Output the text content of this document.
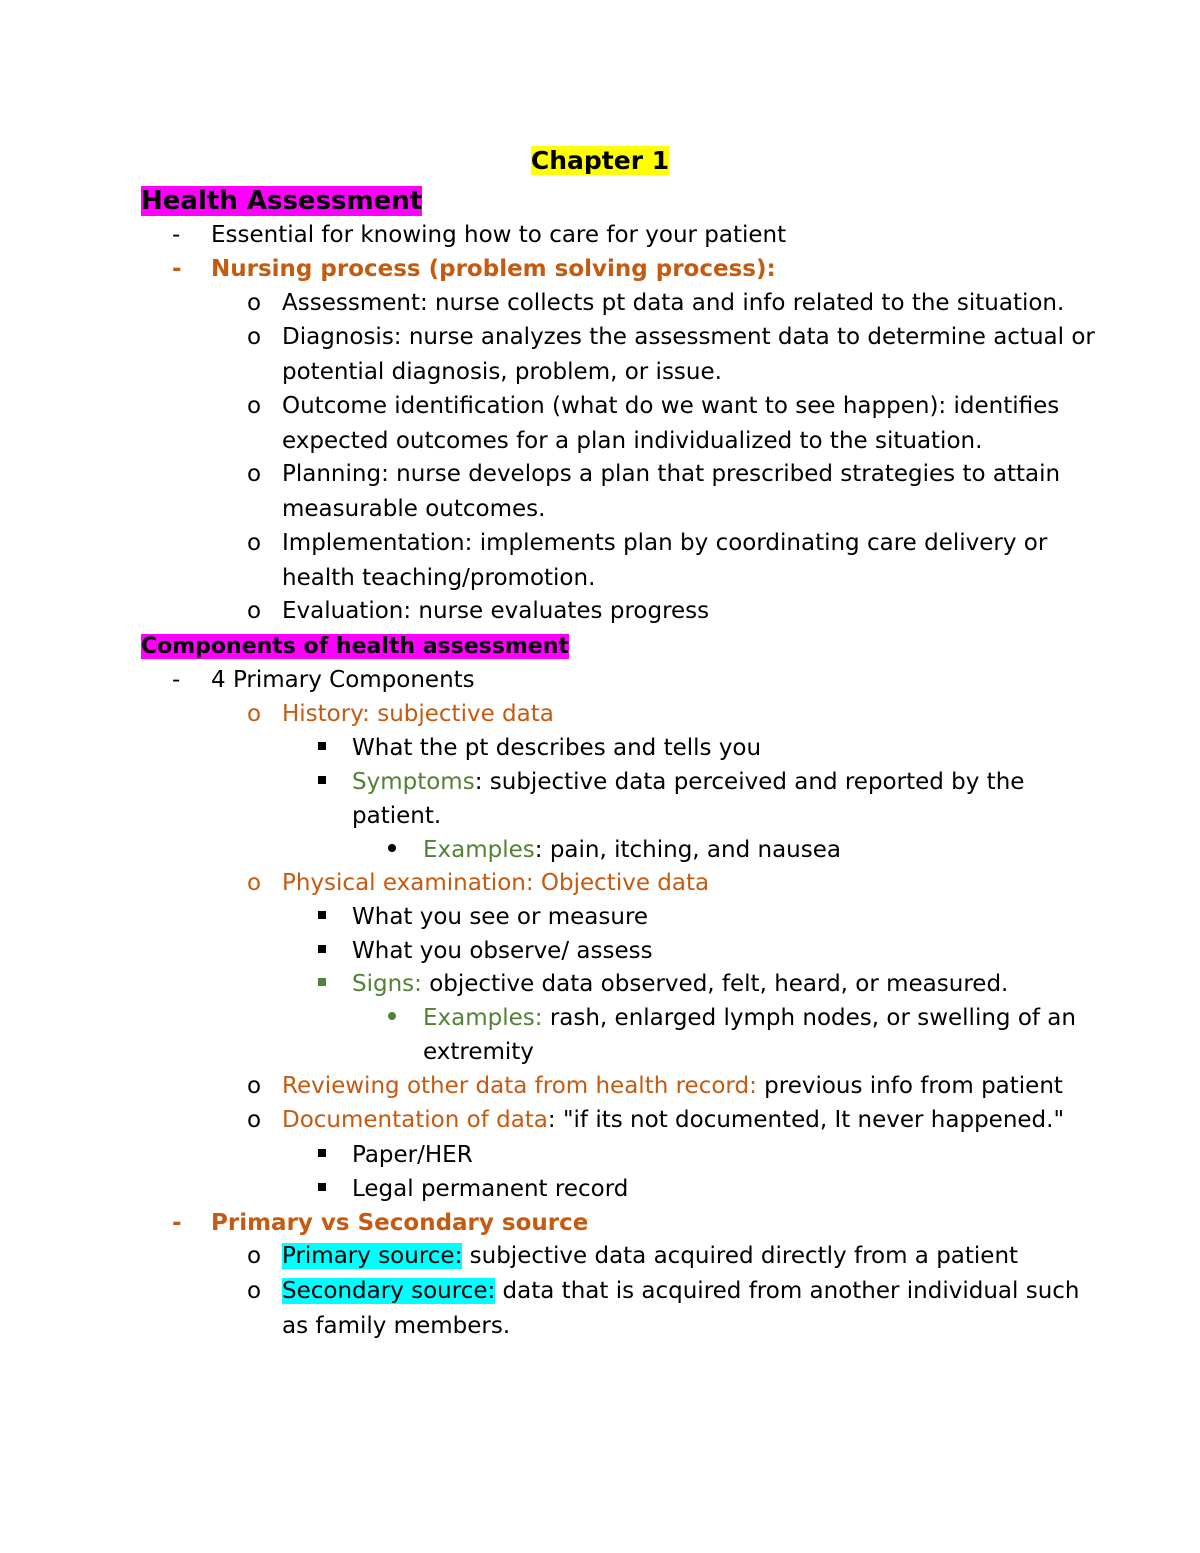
Chapter 1
Health Assessment
- Essential for knowing how to care for your patient
- Nursing process (problem solving process):
o Assessment: nurse collects pt data and info related to the situation.
o Diagnosis: nurse analyzes the assessment data to determine actual or
potential diagnosis, problem, or issue.
o Outcome identification (what do we want to see happen): identifies
expected outcomes for a plan individualized to the situation.
o Planning: nurse develops a plan that prescribed strategies to attain
measurable outcomes.
o Implementation: implements plan by coordinating care delivery or
health teaching/promotion.
o Evaluation: nurse evaluates progress
Components of health assessment
- 4 Primary Components
o History: subjective data
What the pt describes and tells you
Symptoms: subjective data perceived and reported by the
patient.
Examples: pain, itching, and nausea
o Physical examination: Objective data
What you see or measure
What you observe/ assess
Signs: objective data observed, felt, heard, or measured.
Examples: rash, enlarged lymph nodes, or swelling of an
extremity
o Reviewing other data from health record: previous info from patient
o Documentation of data: "if its not documented, It never happened."
Paper/HER
Legal permanent record
- Primary vs Secondary source
o Primary source: subjective data acquired directly from a patient
o Secondary source: data that is acquired from another individual such
as family members.
